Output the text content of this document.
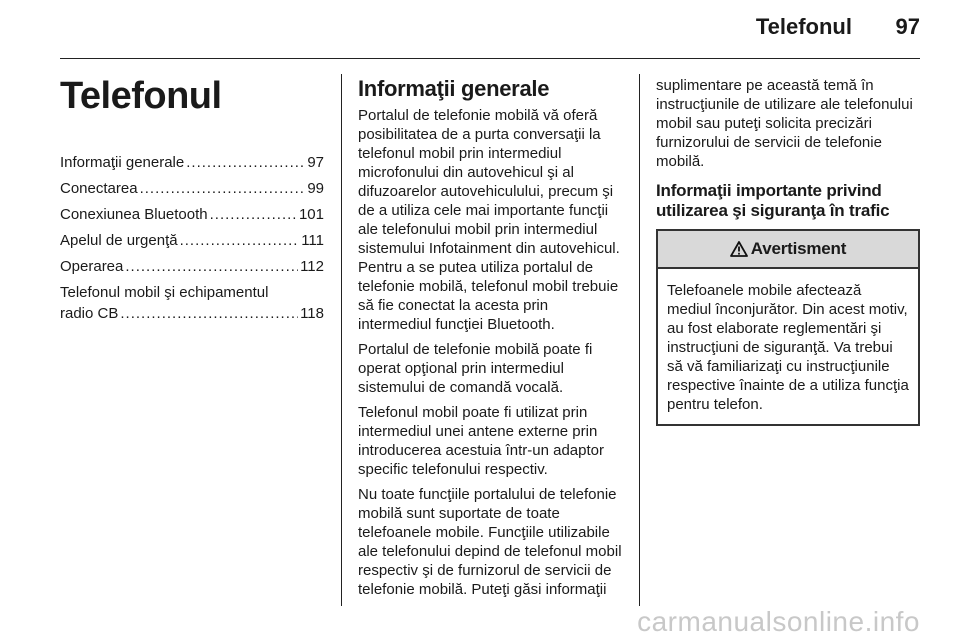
Telefonul 97
Telefonul
Informaţii generale .....	97
Conectarea .....	99
Conexiunea Bluetooth .....	101
Apelul de urgenţă .....	111
Operarea .....	112
Telefonul mobil şi echipamentul
radio CB .....	118
Informaţii generale

Portalul de telefonie mobilă vă oferă posibilitatea de a purta conversaţii la telefonul mobil prin intermediul microfonului din autovehicul şi al difuzoarelor autovehiculului, precum şi de a utiliza cele mai importante funcţii ale telefonului mobil prin intermediul sistemului Infotainment din autovehicul. Pentru a se putea utiliza portalul de telefonie mobilă, telefonul mobil trebuie să fie conectat la acesta prin intermediul funcţiei Bluetooth.

Portalul de telefonie mobilă poate fi operat opţional prin intermediul sistemului de comandă vocală.

Telefonul mobil poate fi utilizat prin intermediul unei antene externe prin introducerea acestuia într-un adaptor specific telefonului respectiv.

Nu toate funcţiile portalului de telefonie mobilă sunt suportate de toate telefoanele mobile. Funcţiile utilizabile ale telefonului depind de telefonul mobil respectiv şi de furnizorul de servicii de telefonie mobilă. Puteţi găsi informaţii

suplimentare pe această temă în instrucţiunile de utilizare ale telefonului mobil sau puteţi solicita precizări furnizorului de servicii de telefonie mobilă.

Informaţii importante privind utilizarea şi siguranţa în trafic
Avertisment
Telefoanele mobile afectează mediul înconjurător. Din acest motiv, au fost elaborate reglementări şi instrucţiuni de siguranţă. Va trebui să vă familiarizaţi cu instrucţiunile respective înainte de a utiliza funcţia pentru telefon.
carmanualsonline.info
